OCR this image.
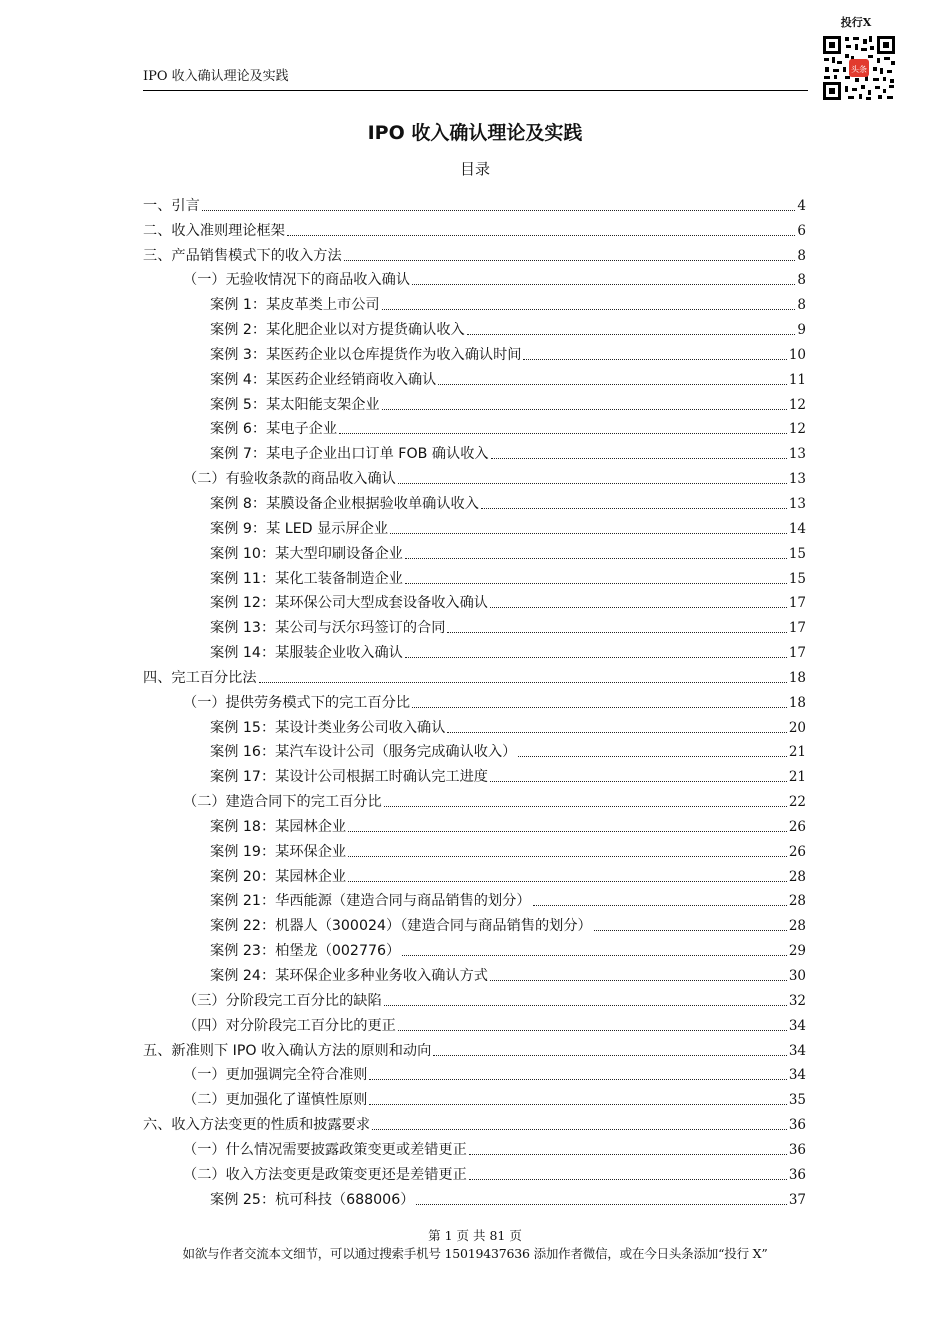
IPO 收入确认理论及实践
投行X
头条
IPO 收入确认理论及实践
目录
一、引言	4
二、收入准则理论框架	6
三、产品销售模式下的收入方法	8
（一）无验收情况下的商品收入确认	8
案例 1：某皮革类上市公司	8
案例 2：某化肥企业以对方提货确认收入	9
案例 3：某医药企业以仓库提货作为收入确认时间	10
案例 4：某医药企业经销商收入确认	11
案例 5：某太阳能支架企业	12
案例 6：某电子企业	12
案例 7：某电子企业出口订单 FOB 确认收入	13
（二）有验收条款的商品收入确认	13
案例 8：某膜设备企业根据验收单确认收入	13
案例 9：某 LED 显示屏企业	14
案例 10：某大型印刷设备企业	15
案例 11：某化工装备制造企业	15
案例 12：某环保公司大型成套设备收入确认	17
案例 13：某公司与沃尔玛签订的合同	17
案例 14：某服装企业收入确认	17
四、完工百分比法	18
（一）提供劳务模式下的完工百分比	18
案例 15：某设计类业务公司收入确认	20
案例 16：某汽车设计公司（服务完成确认收入）	21
案例 17：某设计公司根据工时确认完工进度	21
（二）建造合同下的完工百分比	22
案例 18：某园林企业	26
案例 19：某环保企业	26
案例 20：某园林企业	28
案例 21：华西能源（建造合同与商品销售的划分）	28
案例 22：机器人（300024）（建造合同与商品销售的划分）	28
案例 23：柏堡龙（002776）	29
案例 24：某环保企业多种业务收入确认方式	30
（三）分阶段完工百分比的缺陷	32
（四）对分阶段完工百分比的更正	34
五、新准则下 IPO 收入确认方法的原则和动向	34
（一）更加强调完全符合准则	34
（二）更加强化了谨慎性原则	35
六、收入方法变更的性质和披露要求	36
（一）什么情况需要披露政策变更或差错更正	36
（二）收入方法变更是政策变更还是差错更正	36
案例 25：杭可科技（688006）	37
第 1 页 共 81 页
如欲与作者交流本文细节，可以通过搜索手机号 15019437636 添加作者微信，或在今日头条添加“投行 X”
